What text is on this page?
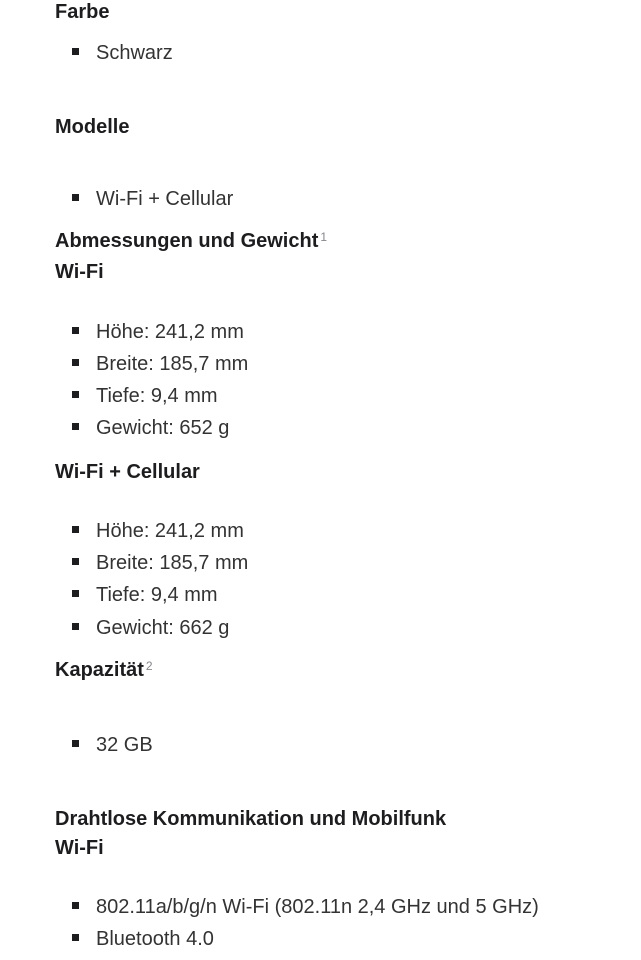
Farbe
Schwarz
Modelle
Wi-Fi + Cellular
Abmessungen und Gewicht $^1$
Wi-Fi
Höhe: 241,2 mm
Breite: 185,7 mm
Tiefe: 9,4 mm
Gewicht: 652 g
Wi-Fi + Cellular
Höhe: 241,2 mm
Breite: 185,7 mm
Tiefe: 9,4 mm
Gewicht: 662 g
Kapazität $^2$
32 GB
Drahtlose Kommunikation und Mobilfunk
Wi-Fi
802.11a/b/g/n Wi-Fi (802.11n 2,4 GHz und 5 GHz)
Bluetooth 4.0
